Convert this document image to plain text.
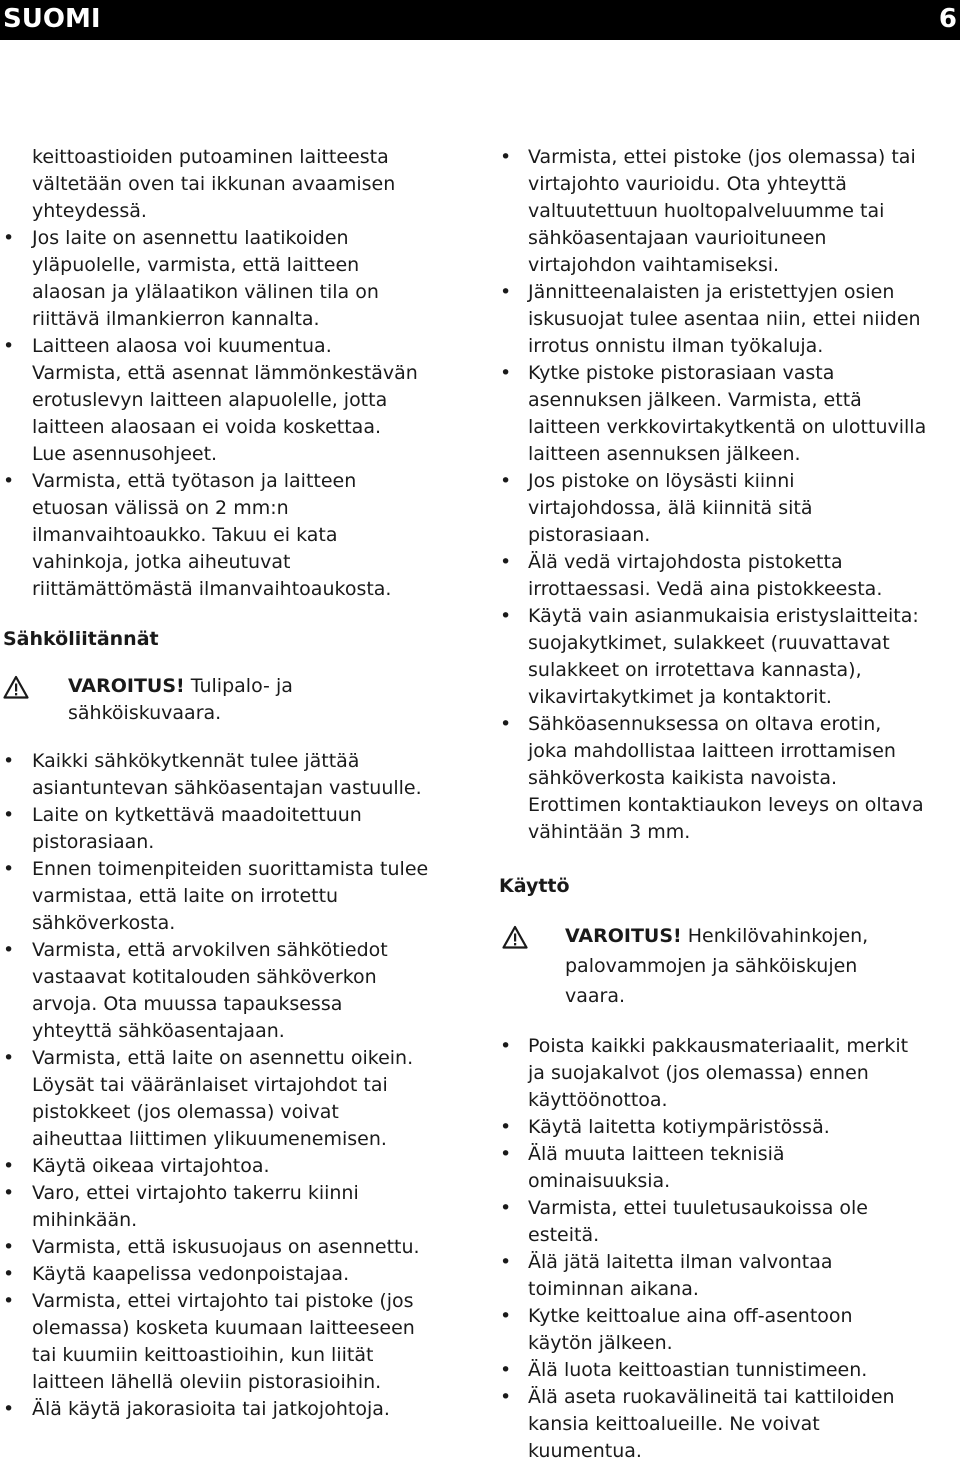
SUOMI	6
keittoastioiden putoaminen laitteesta
vältetään oven tai ikkunan avaamisen
yhteydessä.
• Jos laite on asennettu laatikoiden
yläpuolelle, varmista, että laitteen
alaosan ja ylälaatikon välinen tila on
riittävä ilmankierron kannalta.
• Laitteen alaosa voi kuumentua.
Varmista, että asennat lämmönkestävän
erotuslevyn laitteen alapuolelle, jotta
laitteen alaosaan ei voida koskettaa.
Lue asennusohjeet.
• Varmista, että työtason ja laitteen
etuosan välissä on 2 mm:n
ilmanvaihtoaukko. Takuu ei kata
vahinkoja, jotka aiheutuvat
riittämättömästä ilmanvaihtoaukosta.
Sähköliitännät
VAROITUS! Tulipalo- ja
sähköiskuvaara.
• Kaikki sähkökytkennät tulee jättää
asiantuntevan sähköasentajan vastuulle.
• Laite on kytkettävä maadoitettuun
pistorasiaan.
• Ennen toimenpiteiden suorittamista tulee
varmistaa, että laite on irrotettu
sähköverkosta.
• Varmista, että arvokilven sähkötiedot
vastaavat kotitalouden sähköverkon
arvoja. Ota muussa tapauksessa
yhteyttä sähköasentajaan.
• Varmista, että laite on asennettu oikein.
Löysät tai vääränlaiset virtajohdot tai
pistokkeet (jos olemassa) voivat
aiheuttaa liittimen ylikuumenemisen.
• Käytä oikeaa virtajohtoa.
• Varo, ettei virtajohto takerru kiinni
mihinkään.
• Varmista, että iskusuojaus on asennettu.
• Käytä kaapelissa vedonpoistajaa.
• Varmista, ettei virtajohto tai pistoke (jos
olemassa) kosketa kuumaan laitteeseen
tai kuumiin keittoastioihin, kun liität
laitteen lähellä oleviin pistorasioihin.
• Älä käytä jakorasioita tai jatkojohtoja.
• Varmista, ettei pistoke (jos olemassa) tai
virtajohto vaurioidu. Ota yhteyttä
valtuutettuun huoltopalveluumme tai
sähköasentajaan vaurioituneen
virtajohdon vaihtamiseksi.
• Jännitteenalaisten ja eristettyjen osien
iskusuojat tulee asentaa niin, ettei niiden
irrotus onnistu ilman työkaluja.
• Kytke pistoke pistorasiaan vasta
asennuksen jälkeen. Varmista, että
laitteen verkkovirtakytkentä on ulottuvilla
laitteen asennuksen jälkeen.
• Jos pistoke on löysästi kiinni
virtajohdossa, älä kiinnitä sitä
pistorasiaan.
• Älä vedä virtajohdosta pistoketta
irrottaessasi. Vedä aina pistokkeesta.
• Käytä vain asianmukaisia eristyslaitteita:
suojakytkimet, sulakkeet (ruuvattavat
sulakkeet on irrotettava kannasta),
vikavirtakytkimet ja kontaktorit.
• Sähköasennuksessa on oltava erotin,
joka mahdollistaa laitteen irrottamisen
sähköverkosta kaikista navoista.
Erottimen kontaktiaukon leveys on oltava
vähintään 3 mm.
Käyttö
VAROITUS! Henkilövahinkojen,
palovammojen ja sähköiskujen
vaara.
• Poista kaikki pakkausmateriaalit, merkit
ja suojakalvot (jos olemassa) ennen
käyttöönottoa.
• Käytä laitetta kotiympäristössä.
• Älä muuta laitteen teknisiä
ominaisuuksia.
• Varmista, ettei tuuletusaukoissa ole
esteitä.
• Älä jätä laitetta ilman valvontaa
toiminnan aikana.
• Kytke keittoalue aina off-asentoon
käytön jälkeen.
• Älä luota keittoastian tunnistimeen.
• Älä aseta ruokavälineitä tai kattiloiden
kansia keittoalueille. Ne voivat
kuumentua.
